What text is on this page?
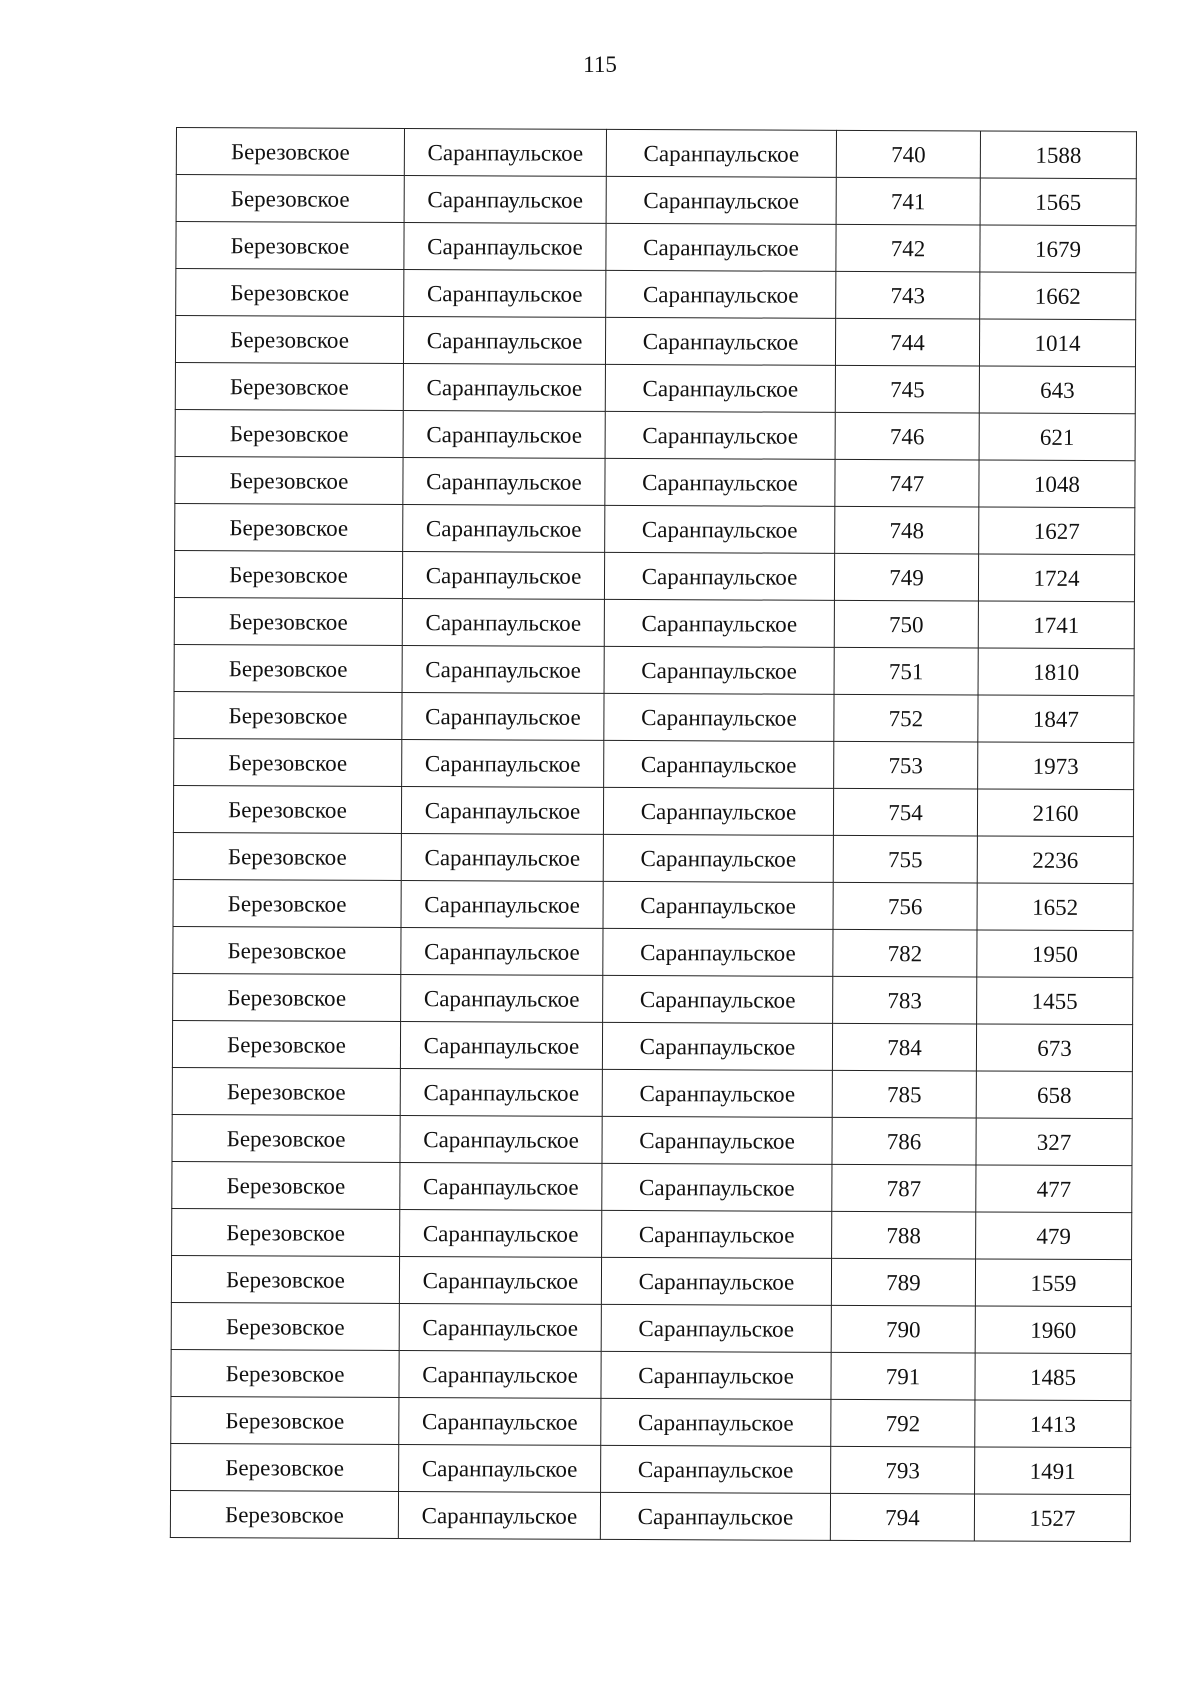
115
Березовское	Саранпаульское	Саранпаульское	740	1588
Березовское	Саранпаульское	Саранпаульское	741	1565
Березовское	Саранпаульское	Саранпаульское	742	1679
Березовское	Саранпаульское	Саранпаульское	743	1662
Березовское	Саранпаульское	Саранпаульское	744	1014
Березовское	Саранпаульское	Саранпаульское	745	643
Березовское	Саранпаульское	Саранпаульское	746	621
Березовское	Саранпаульское	Саранпаульское	747	1048
Березовское	Саранпаульское	Саранпаульское	748	1627
Березовское	Саранпаульское	Саранпаульское	749	1724
Березовское	Саранпаульское	Саранпаульское	750	1741
Березовское	Саранпаульское	Саранпаульское	751	1810
Березовское	Саранпаульское	Саранпаульское	752	1847
Березовское	Саранпаульское	Саранпаульское	753	1973
Березовское	Саранпаульское	Саранпаульское	754	2160
Березовское	Саранпаульское	Саранпаульское	755	2236
Березовское	Саранпаульское	Саранпаульское	756	1652
Березовское	Саранпаульское	Саранпаульское	782	1950
Березовское	Саранпаульское	Саранпаульское	783	1455
Березовское	Саранпаульское	Саранпаульское	784	673
Березовское	Саранпаульское	Саранпаульское	785	658
Березовское	Саранпаульское	Саранпаульское	786	327
Березовское	Саранпаульское	Саранпаульское	787	477
Березовское	Саранпаульское	Саранпаульское	788	479
Березовское	Саранпаульское	Саранпаульское	789	1559
Березовское	Саранпаульское	Саранпаульское	790	1960
Березовское	Саранпаульское	Саранпаульское	791	1485
Березовское	Саранпаульское	Саранпаульское	792	1413
Березовское	Саранпаульское	Саранпаульское	793	1491
Березовское	Саранпаульское	Саранпаульское	794	1527
